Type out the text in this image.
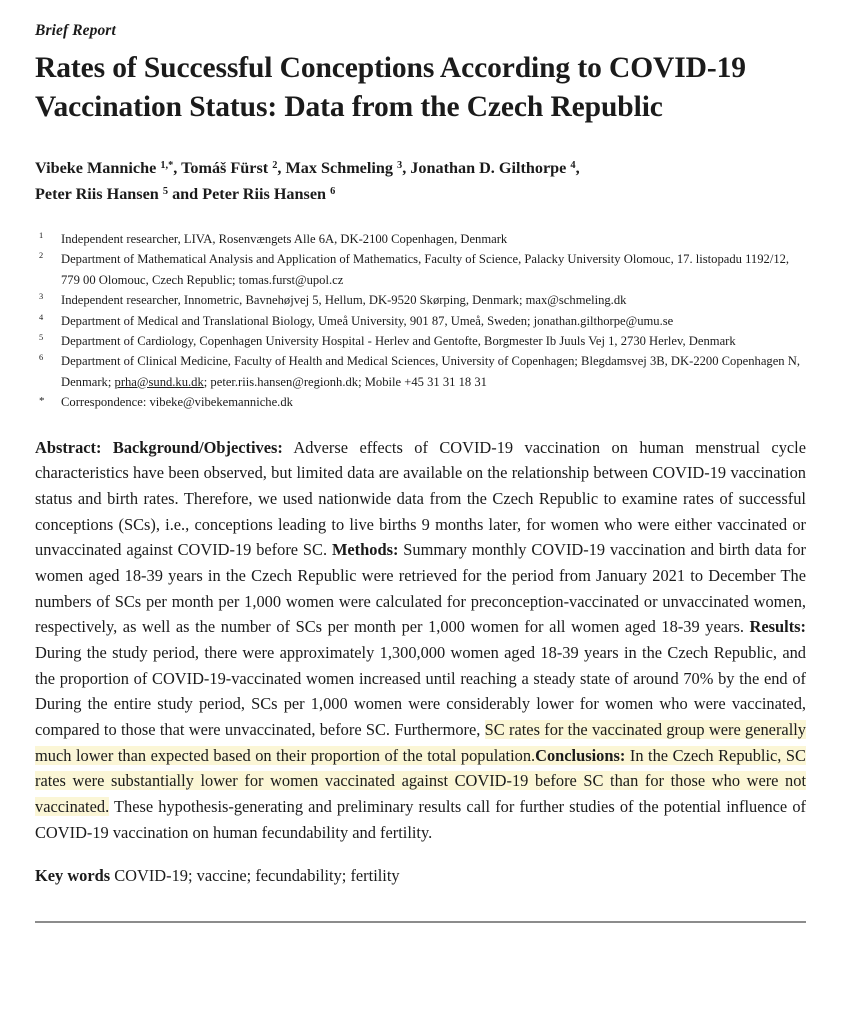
Brief Report
Rates of Successful Conceptions According to COVID-19 Vaccination Status: Data from the Czech Republic
Vibeke Manniche $^{1,*}$, Tomáš Fürst $^2$, Max Schmeling $^3$, Jonathan D. Gilthorpe $^4$,
Peter Riis Hansen $^5$ and Peter Riis Hansen $^6$
1	Independent researcher, LIVA, Rosenvængets Alle 6A, DK-2100 Copenhagen, Denmark
2	Department of Mathematical Analysis and Application of Mathematics, Faculty of Science, Palacky University Olomouc, 17. listopadu 1192/12, 779 00 Olomouc, Czech Republic; tomas.furst@upol.cz
3	Independent researcher, Innometric, Bavnehøjvej 5, Hellum, DK-9520 Skørping, Denmark; max@schmeling.dk
4	Department of Medical and Translational Biology, Umeå University, 901 87, Umeå, Sweden; jonathan.gilthorpe@umu.se
5	Department of Cardiology, Copenhagen University Hospital - Herlev and Gentofte, Borgmester Ib Juuls Vej 1, 2730 Herlev, Denmark
6	Department of Clinical Medicine, Faculty of Health and Medical Sciences, University of Copenhagen; Blegdamsvej 3B, DK-2200 Copenhagen N, Denmark; prha@sund.ku.dk; peter.riis.hansen@regionh.dk; Mobile +45 31 31 18 31
*	Correspondence: vibeke@vibekemanniche.dk
Abstract: Background/Objectives: Adverse effects of COVID-19 vaccination on human menstrual cycle characteristics have been observed, but limited data are available on the relationship between COVID-19 vaccination status and birth rates. Therefore, we used nationwide data from the Czech Republic to examine rates of successful conceptions (SCs), i.e., conceptions leading to live births 9 months later, for women who were either vaccinated or unvaccinated against COVID-19 before SC. Methods: Summary monthly COVID-19 vaccination and birth data for women aged 18-39 years in the Czech Republic were retrieved for the period from January 2021 to December The numbers of SCs per month per 1,000 women were calculated for preconception-vaccinated or unvaccinated women, respectively, as well as the number of SCs per month per 1,000 women for all women aged 18-39 years. Results: During the study period, there were approximately 1,300,000 women aged 18-39 years in the Czech Republic, and the proportion of COVID-19-vaccinated women increased until reaching a steady state of around 70% by the end of During the entire study period, SCs per 1,000 women were considerably lower for women who were vaccinated, compared to those that were unvaccinated, before SC. Furthermore, SC rates for the vaccinated group were generally much lower than expected based on their proportion of the total population.Conclusions: In the Czech Republic, SC rates were substantially lower for women vaccinated against COVID-19 before SC than for those who were not vaccinated. These hypothesis-generating and preliminary results call for further studies of the potential influence of COVID-19 vaccination on human fecundability and fertility.
Key words COVID-19; vaccine; fecundability; fertility
